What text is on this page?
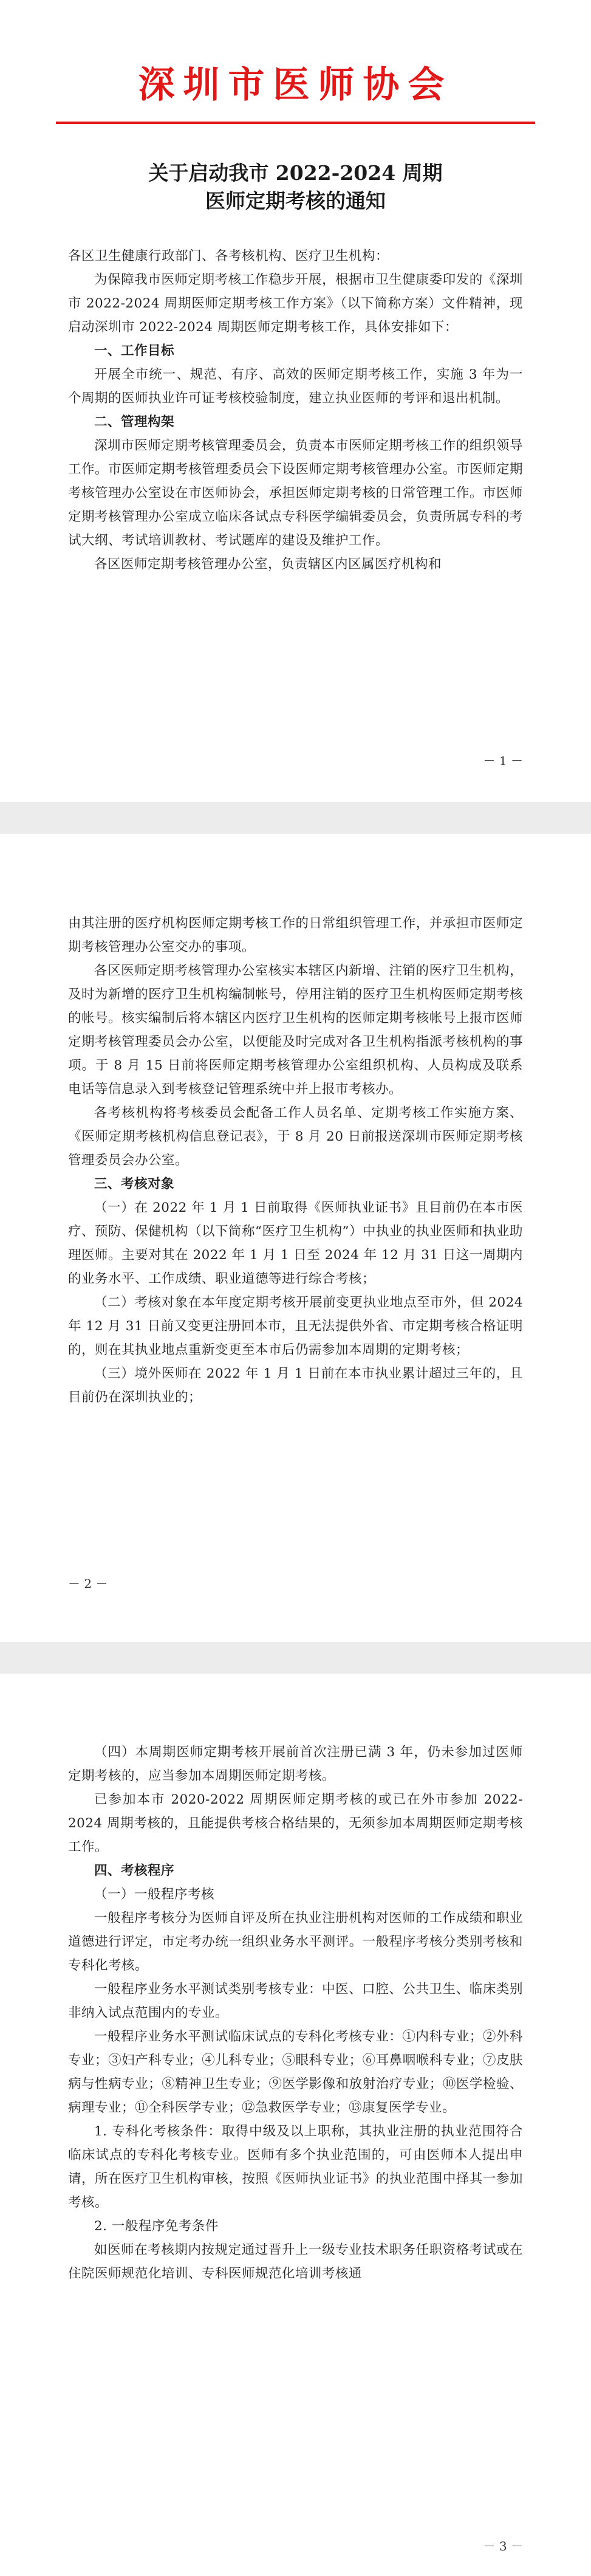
深圳市医师协会
关于启动我市 2022-2024 周期
医师定期考核的通知

各区卫生健康行政部门、各考核机构、医疗卫生机构：

为保障我市医师定期考核工作稳步开展，根据市卫生健康委印发的《深圳市 2022-2024 周期医师定期考核工作方案》（以下简称方案）文件精神，现启动深圳市 2022-2024 周期医师定期考核工作，具体安排如下：

一、工作目标

开展全市统一、规范、有序、高效的医师定期考核工作，实施 3 年为一个周期的医师执业许可证考核校验制度，建立执业医师的考评和退出机制。

二、管理构架

深圳市医师定期考核管理委员会，负责本市医师定期考核工作的组织领导工作。市医师定期考核管理委员会下设医师定期考核管理办公室。市医师定期考核管理办公室设在市医师协会，承担医师定期考核的日常管理工作。市医师定期考核管理办公室成立临床各试点专科医学编辑委员会，负责所属专科的考试大纲、考试培训教材、考试题库的建设及维护工作。

各区医师定期考核管理办公室，负责辖区内区属医疗机构和

－ 1 －

由其注册的医疗机构医师定期考核工作的日常组织管理工作，并承担市医师定期考核管理办公室交办的事项。

各区医师定期考核管理办公室核实本辖区内新增、注销的医疗卫生机构，及时为新增的医疗卫生机构编制帐号，停用注销的医疗卫生机构医师定期考核的帐号。核实编制后将本辖区内医疗卫生机构的医师定期考核帐号上报市医师定期考核管理委员会办公室，以便能及时完成对各卫生机构指派考核机构的事项。于 8 月 15 日前将医师定期考核管理办公室组织机构、人员构成及联系电话等信息录入到考核登记管理系统中并上报市考核办。

各考核机构将考核委员会配备工作人员名单、定期考核工作实施方案、《医师定期考核机构信息登记表》，于 8 月 20 日前报送深圳市医师定期考核管理委员会办公室。

三、考核对象

（一）在 2022 年 1 月 1 日前取得《医师执业证书》且目前仍在本市医疗、预防、保健机构（以下简称“医疗卫生机构”）中执业的执业医师和执业助理医师。主要对其在 2022 年 1 月 1 日至 2024 年 12 月 31 日这一周期内的业务水平、工作成绩、职业道德等进行综合考核；

（二）考核对象在本年度定期考核开展前变更执业地点至市外，但 2024 年 12 月 31 日前又变更注册回本市，且无法提供外省、市定期考核合格证明的，则在其执业地点重新变更至本市后仍需参加本周期的定期考核；

（三）境外医师在 2022 年 1 月 1 日前在本市执业累计超过三年的，且目前仍在深圳执业的；

－ 2 －

（四）本周期医师定期考核开展前首次注册已满 3 年，仍未参加过医师定期考核的，应当参加本周期医师定期考核。

已参加本市 2020-2022 周期医师定期考核的或已在外市参加 2022-2024 周期考核的，且能提供考核合格结果的，无须参加本周期医师定期考核工作。

四、考核程序

（一）一般程序考核

一般程序考核分为医师自评及所在执业注册机构对医师的工作成绩和职业道德进行评定，市定考办统一组织业务水平测评。一般程序考核分类别考核和专科化考核。

一般程序业务水平测试类别考核专业：中医、口腔、公共卫生、临床类别非纳入试点范围内的专业。

一般程序业务水平测试临床试点的专科化考核专业：①内科专业；②外科专业；③妇产科专业；④儿科专业；⑤眼科专业；⑥耳鼻咽喉科专业；⑦皮肤病与性病专业；⑧精神卫生专业；⑨医学影像和放射治疗专业；⑩医学检验、病理专业；⑪全科医学专业；⑫急救医学专业；⑬康复医学专业。

1. 专科化考核条件：取得中级及以上职称，其执业注册的执业范围符合临床试点的专科化考核专业。医师有多个执业范围的，可由医师本人提出申请，所在医疗卫生机构审核，按照《医师执业证书》的执业范围中择其一参加考核。

2. 一般程序免考条件

如医师在考核期内按规定通过晋升上一级专业技术职务任职资格考试或在住院医师规范化培训、专科医师规范化培训考核通

－ 3 －
